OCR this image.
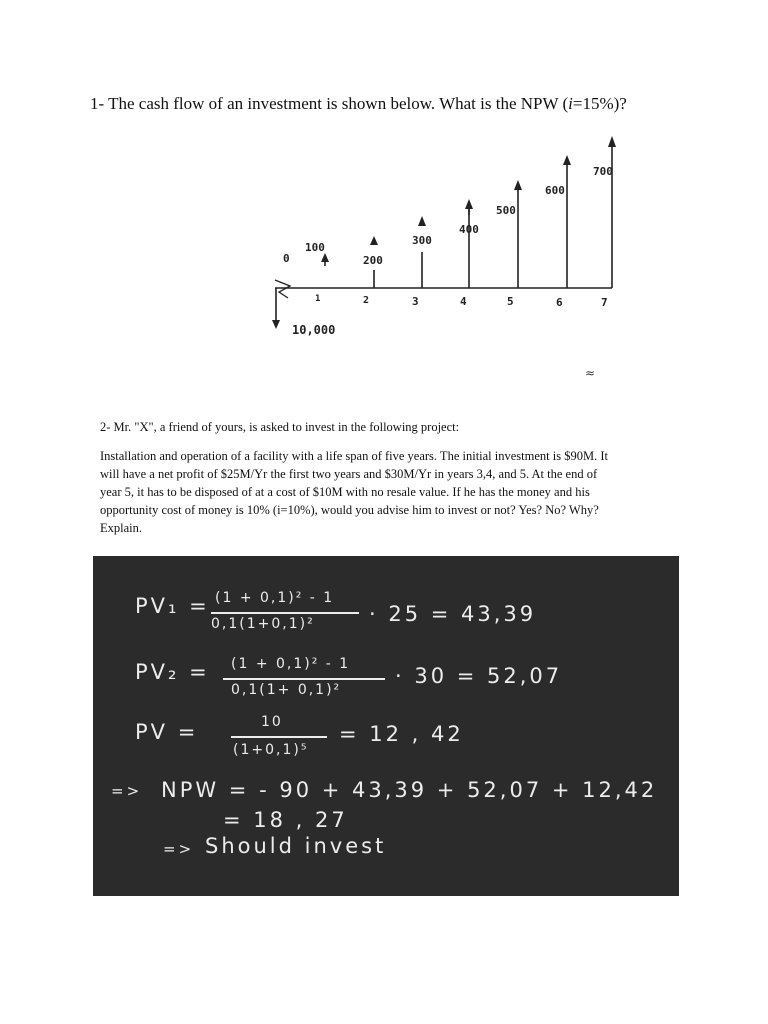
1- The cash flow of an investment is shown below. What is the NPW (i=15%)?
0
100
200
300
400
500
600
700
1	2	3	4	5	6	7
10,000
≈
2- Mr. "X", a friend of yours, is asked to invest in the following project:
Installation and operation of a facility with a life span of five years. The initial investment is $90M. It
will have a net profit of $25M/Yr the first two years and $30M/Yr in years 3,4, and 5. At the end of
year 5, it has to be disposed of at a cost of $10M with no resale value. If he has the money and his
opportunity cost of money is 10% (i=10%), would you advise him to invest or not? Yes? No? Why?
Explain.
PV₁ = (1 + 0,1)² - 1
0,1(1+0,1)²	· 25 = 43,39
PV₂ = (1 + 0,1)² - 1
0,1(1+ 0,1)²
· 30 = 52,07
PV =	10
(1+0,1)⁵
= 12 , 42
=> NPW = - 90 + 43,39 + 52,07 + 12,42
= 18 , 27
=> Should invest
